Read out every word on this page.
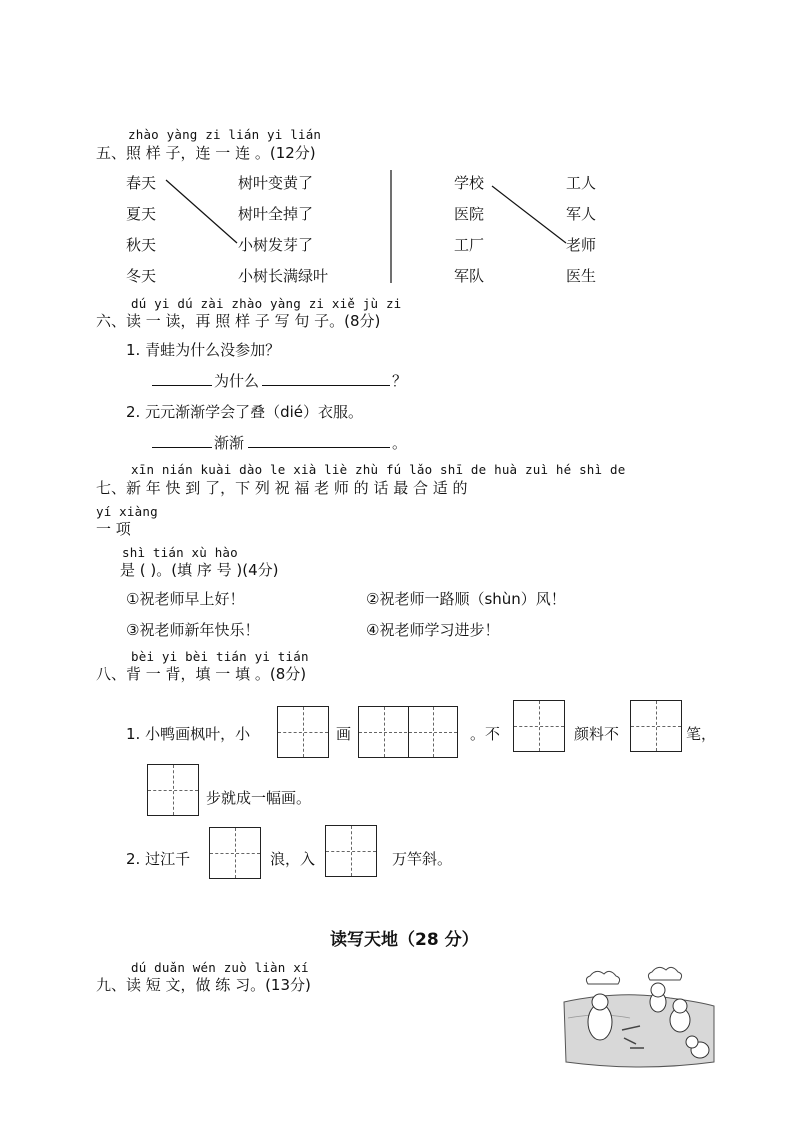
zhào yàng zi lián yi lián
五、照 样 子，连 一 连 。(12分)
春天
夏天
秋天
冬天
树叶变黄了
树叶全掉了
小树发芽了
小树长满绿叶
学校
医院
工厂
军队
工人
军人
老师
医生
dú yi dú zài zhào yàng zi xiě jù zi
六、读 一 读，再 照 样 子 写 句 子。(8分)
1. 青蛙为什么没参加？
为什么	？
2. 元元渐渐学会了叠（dié）衣服。
渐渐	。
xīn nián kuài dào le xià liè zhù fú lǎo shī de huà zuì hé shì de
七、新 年 快 到 了，下 列 祝 福 老 师 的 话 最 合 适 的
yí xiàng
一 项
shì tián xù hào
是 ( )。(填 序 号 )(4分)
①祝老师早上好！	②祝老师一路顺（shùn）风！
③祝老师新年快乐！	④祝老师学习进步！
bèi yi bèi tián yi tián
八、背 一 背，填 一 填 。(8分)
1. 小鸭画枫叶，小	画	。不	颜料不	笔，
步就成一幅画。
2. 过江千	浪，入	万竿斜。
读写天地（28 分）
dú duǎn wén zuò liàn xí
九、读 短 文，做 练 习。(13分)
